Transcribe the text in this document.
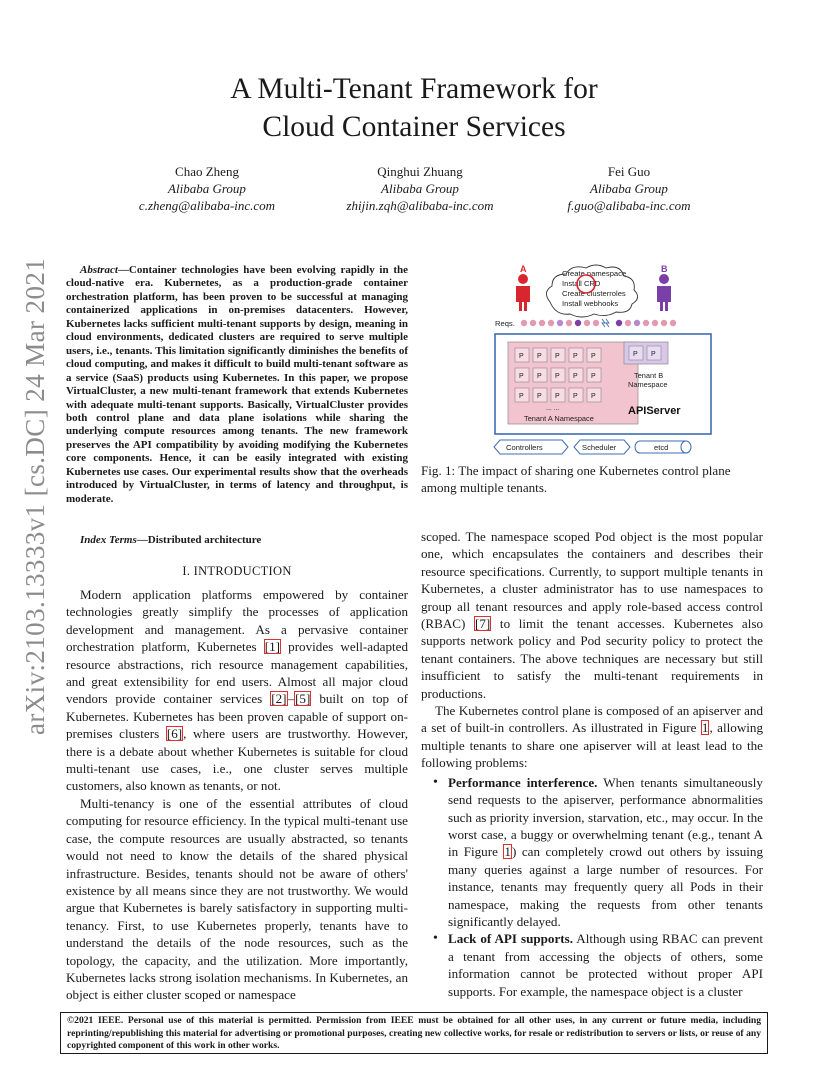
arXiv:2103.13333v1 [cs.DC] 24 Mar 2021
A Multi-Tenant Framework for
Cloud Container Services
Chao Zheng
Alibaba Group
c.zheng@alibaba-inc.com
Qinghui Zhuang
Alibaba Group
zhijin.zqh@alibaba-inc.com
Fei Guo
Alibaba Group
f.guo@alibaba-inc.com
Abstract—Container technologies have been evolving rapidly in the cloud-native era. Kubernetes, as a production-grade container orchestration platform, has been proven to be successful at managing containerized applications in on-premises datacenters. However, Kubernetes lacks sufficient multi-tenant supports by design, meaning in cloud environments, dedicated clusters are required to serve multiple users, i.e., tenants. This limitation significantly diminishes the benefits of cloud computing, and makes it difficult to build multi-tenant software as a service (SaaS) products using Kubernetes. In this paper, we propose VirtualCluster, a new multi-tenant framework that extends Kubernetes with adequate multi-tenant supports. Basically, VirtualCluster provides both control plane and data plane isolations while sharing the underlying compute resources among tenants. The new framework preserves the API compatibility by avoiding modifying the Kubernetes core components. Hence, it can be easily integrated with existing Kubernetes use cases. Our experimental results show that the overheads introduced by VirtualCluster, in terms of latency and throughput, is moderate.
Index Terms—Distributed architecture
I. INTRODUCTION

Modern application platforms empowered by container technologies greatly simplify the processes of application development and management. As a pervasive container orchestration platform, Kubernetes [1] provides well-adapted resource abstractions, rich resource management capabilities, and great extensibility for end users. Almost all major cloud vendors provide container services [2]–[5] built on top of Kubernetes. Kubernetes has been proven capable of support on-premises clusters [6], where users are trustworthy. However, there is a debate about whether Kubernetes is suitable for cloud multi-tenant use cases, i.e., one cluster serves multiple customers, also known as tenants, or not.

Multi-tenancy is one of the essential attributes of cloud computing for resource efficiency. In the typical multi-tenant use case, the compute resources are usually abstracted, so tenants would not need to know the details of the shared physical infrastructure. Besides, tenants should not be aware of others' existence by all means since they are not trustworthy. We would argue that Kubernetes is barely satisfactory in supporting multi-tenancy. First, to use Kubernetes properly, tenants have to understand the details of the node resources, such as the topology, the capacity, and the utilization. More importantly, Kubernetes lacks strong isolation mechanisms. In Kubernetes, an object is either cluster scoped or namespace

A	B
Create namespace
Install CRD
Create clusterroles
Install webhooks
Reqs.
P P P P P
P P P P P
P P P P P
... ...
Tenant A Namespace
P P
Tenant B
Namespace
APIServer
Controllers	Scheduler	etcd
Fig. 1: The impact of sharing one Kubernetes control plane among multiple tenants.

scoped. The namespace scoped Pod object is the most popular one, which encapsulates the containers and describes their resource specifications. Currently, to support multiple tenants in Kubernetes, a cluster administrator has to use namespaces to group all tenant resources and apply role-based access control (RBAC) [7] to limit the tenant accesses. Kubernetes also supports network policy and Pod security policy to protect the tenant containers. The above techniques are necessary but still insufficient to satisfy the multi-tenant requirements in productions.

The Kubernetes control plane is composed of an apiserver and a set of built-in controllers. As illustrated in Figure 1, allowing multiple tenants to share one apiserver will at least lead to the following problems:

• Performance interference. When tenants simultaneously send requests to the apiserver, performance abnormalities such as priority inversion, starvation, etc., may occur. In the worst case, a buggy or overwhelming tenant (e.g., tenant A in Figure 1) can completely crowd out others by issuing many queries against a large number of resources. For instance, tenants may frequently query all Pods in their namespace, making the requests from other tenants significantly delayed.
• Lack of API supports. Although using RBAC can prevent a tenant from accessing the objects of others, some information cannot be protected without proper API supports. For example, the namespace object is a cluster
©2021 IEEE. Personal use of this material is permitted. Permission from IEEE must be obtained for all other uses, in any current or future media, including reprinting/republishing this material for advertising or promotional purposes, creating new collective works, for resale or redistribution to servers or lists, or reuse of any copyrighted component of this work in other works.
